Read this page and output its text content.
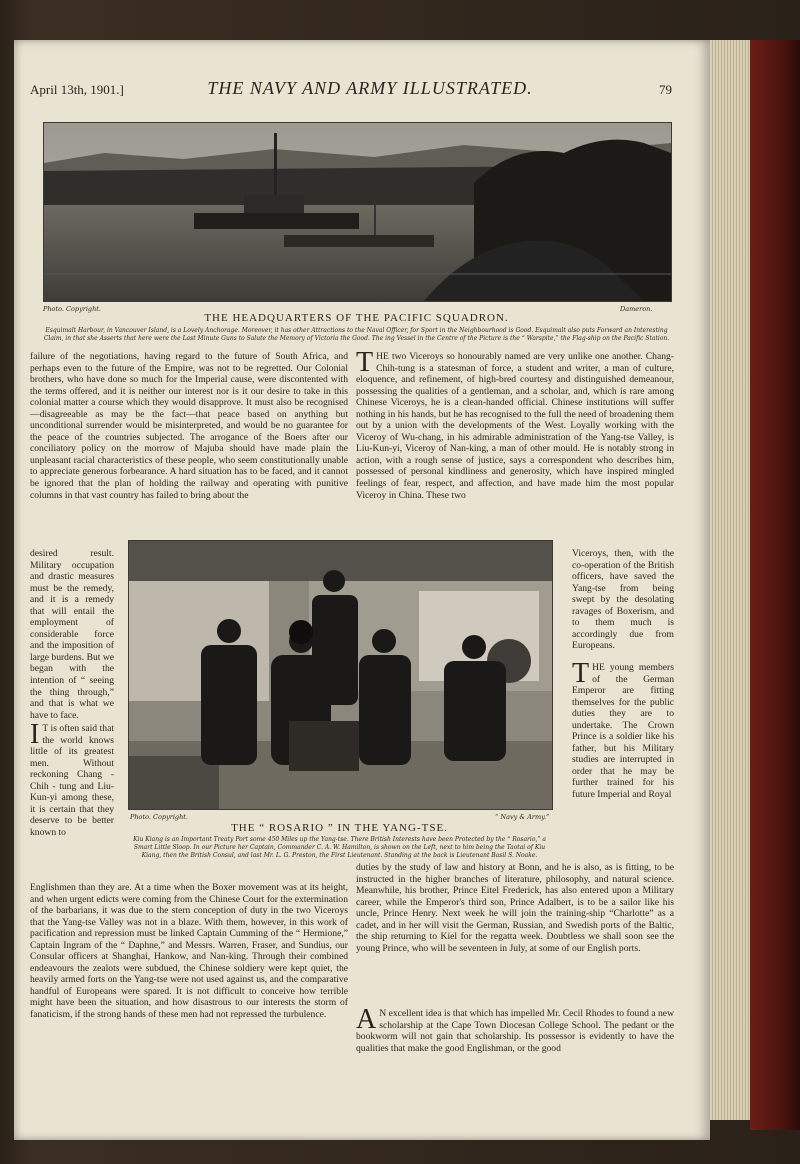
April 13th, 1901.]	THE NAVY AND ARMY ILLUSTRATED.	79
Photo. Copyright.	Dameron.
THE HEADQUARTERS OF THE PACIFIC SQUADRON.
Esquimalt Harbour, in Vancouver Island, is a Lovely Anchorage. Moreover, it has other Attractions to the Naval Officer, for Sport in the Neighbourhood is Good. Esquimalt also puts Forward an Interesting Claim, in that she Asserts that here were the Last Minute Guns to Salute the Memory of Victoria the Good. The ing Vessel in the Centre of the Picture is the “ Warspite,” the Flag-ship on the Pacific Station.
failure of the negotiations, having regard to the future of South Africa, and perhaps even to the future of the Empire, was not to be regretted. Our Colonial brothers, who have done so much for the Imperial cause, were discontented with the terms offered, and it is neither our interest nor is it our desire to take in this colonial matter a course which they would disapprove. It must also be recognised—disagreeable as may be the fact—that peace based on anything but unconditional surrender would be misinterpreted, and would be no guarantee for the peace of the countries subjected. The arrogance of the Boers after our conciliatory policy on the morrow of Majuba should have made plain the unpleasant racial characteristics of these people, who seem constitutionally unable to appreciate generous forbearance. A hard situation has to be faced, and it cannot be ignored that the plan of holding the railway and operating with punitive columns in that vast country has failed to bring about the
desired result. Military occupation and drastic measures must be the remedy, and it is a remedy that will entail the employment of considerable force and the imposition of large burdens. But we began with the intention of “ seeing the thing through,” and that is what we have to face.
I T is often said that the world knows little of its greatest men. Without reckoning Chang - Chih - tung and Liu-Kun-yi among these, it is certain that they deserve to be better known to
Englishmen than they are. At a time when the Boxer movement was at its height, and when urgent edicts were coming from the Chinese Court for the extermination of the barbarians, it was due to the stern conception of duty in the two Viceroys that the Yang-tse Valley was not in a blaze. With them, however, in this work of pacification and repression must be linked Captain Cumming of the “ Hermione,” Captain Ingram of the “ Daphne,” and Messrs. Warren, Fraser, and Sundius, our Consular officers at Shanghai, Hankow, and Nan-king. Through their combined endeavours the zealots were subdued, the Chinese soldiery were kept quiet, the heavily armed forts on the Yang-tse were not used against us, and the comparative handful of Europeans were spared. It is not difficult to conceive how terrible might have been the situation, and how disastrous to our interests the storm of fanaticism, if the strong hands of these men had not repressed the turbulence.
T HE two Viceroys so honourably named are very unlike one another. Chang-Chih-tung is a statesman of force, a student and writer, a man of culture, eloquence, and refinement, of high-bred courtesy and distinguished demeanour, possessing the qualities of a gentleman, and a scholar, and, which is rare among Chinese Viceroys, he is a clean-handed official. Chinese institutions will suffer nothing in his hands, but he has recognised to the full the need of broadening them out by a union with the developments of the West. Loyally working with the Viceroy of Wu-chang, in his admirable administration of the Yang-tse Valley, is Liu-Kun-yi, Viceroy of Nan-king, a man of other mould. He is notably strong in action, with a rough sense of justice, says a correspondent who describes him, possessed of personal kindliness and generosity, which have inspired mingled feelings of fear, respect, and affection, and have made him the most popular Viceroy in China. These two
Viceroys, then, with the co-operation of the British officers, have saved the Yang-tse from being swept by the desolating ravages of Boxerism, and to them much is accordingly due from Europeans.
T HE young members of the German Emperor are fitting themselves for the public duties they are to undertake. The Crown Prince is a soldier like his father, but his Military studies are interrupted in order that he may be further trained for his future Imperial and Royal
duties by the study of law and history at Bonn, and he is also, as is fitting, to be instructed in the higher branches of literature, philosophy, and natural science. Meanwhile, his brother, Prince Eitel Frederick, has also entered upon a Military career, while the Emperor's third son, Prince Adalbert, is to be a sailor like his uncle, Prince Henry. Next week he will join the training-ship “Charlotte” as a cadet, and in her will visit the German, Russian, and Swedish ports of the Baltic, the ship returning to Kiel for the regatta week. Doubtless we shall soon see the young Prince, who will be seventeen in July, at some of our English ports.
A N excellent idea is that which has impelled Mr. Cecil Rhodes to found a new scholarship at the Cape Town Diocesan College School. The pedant or the bookworm will not gain that scholarship. Its possessor is evidently to have the qualities that make the good Englishman, or the good
Photo. Copyright.	“ Navy & Army.”
THE “ ROSARIO ” IN THE YANG-TSE.
Kiu Kiang is an Important Treaty Port some 450 Miles up the Yang-tse. There British Interests have been Protected by the “ Rosario,” a Smart Little Sloop. In our Picture her Captain, Commander C. A. W. Hamilton, is shown on the Left, next to him being the Taotai of Kiu Kiang, then the British Consul, and last Mr. L. G. Preston, the First Lieutenant. Standing at the back is Lieutenant Basil S. Noake.
